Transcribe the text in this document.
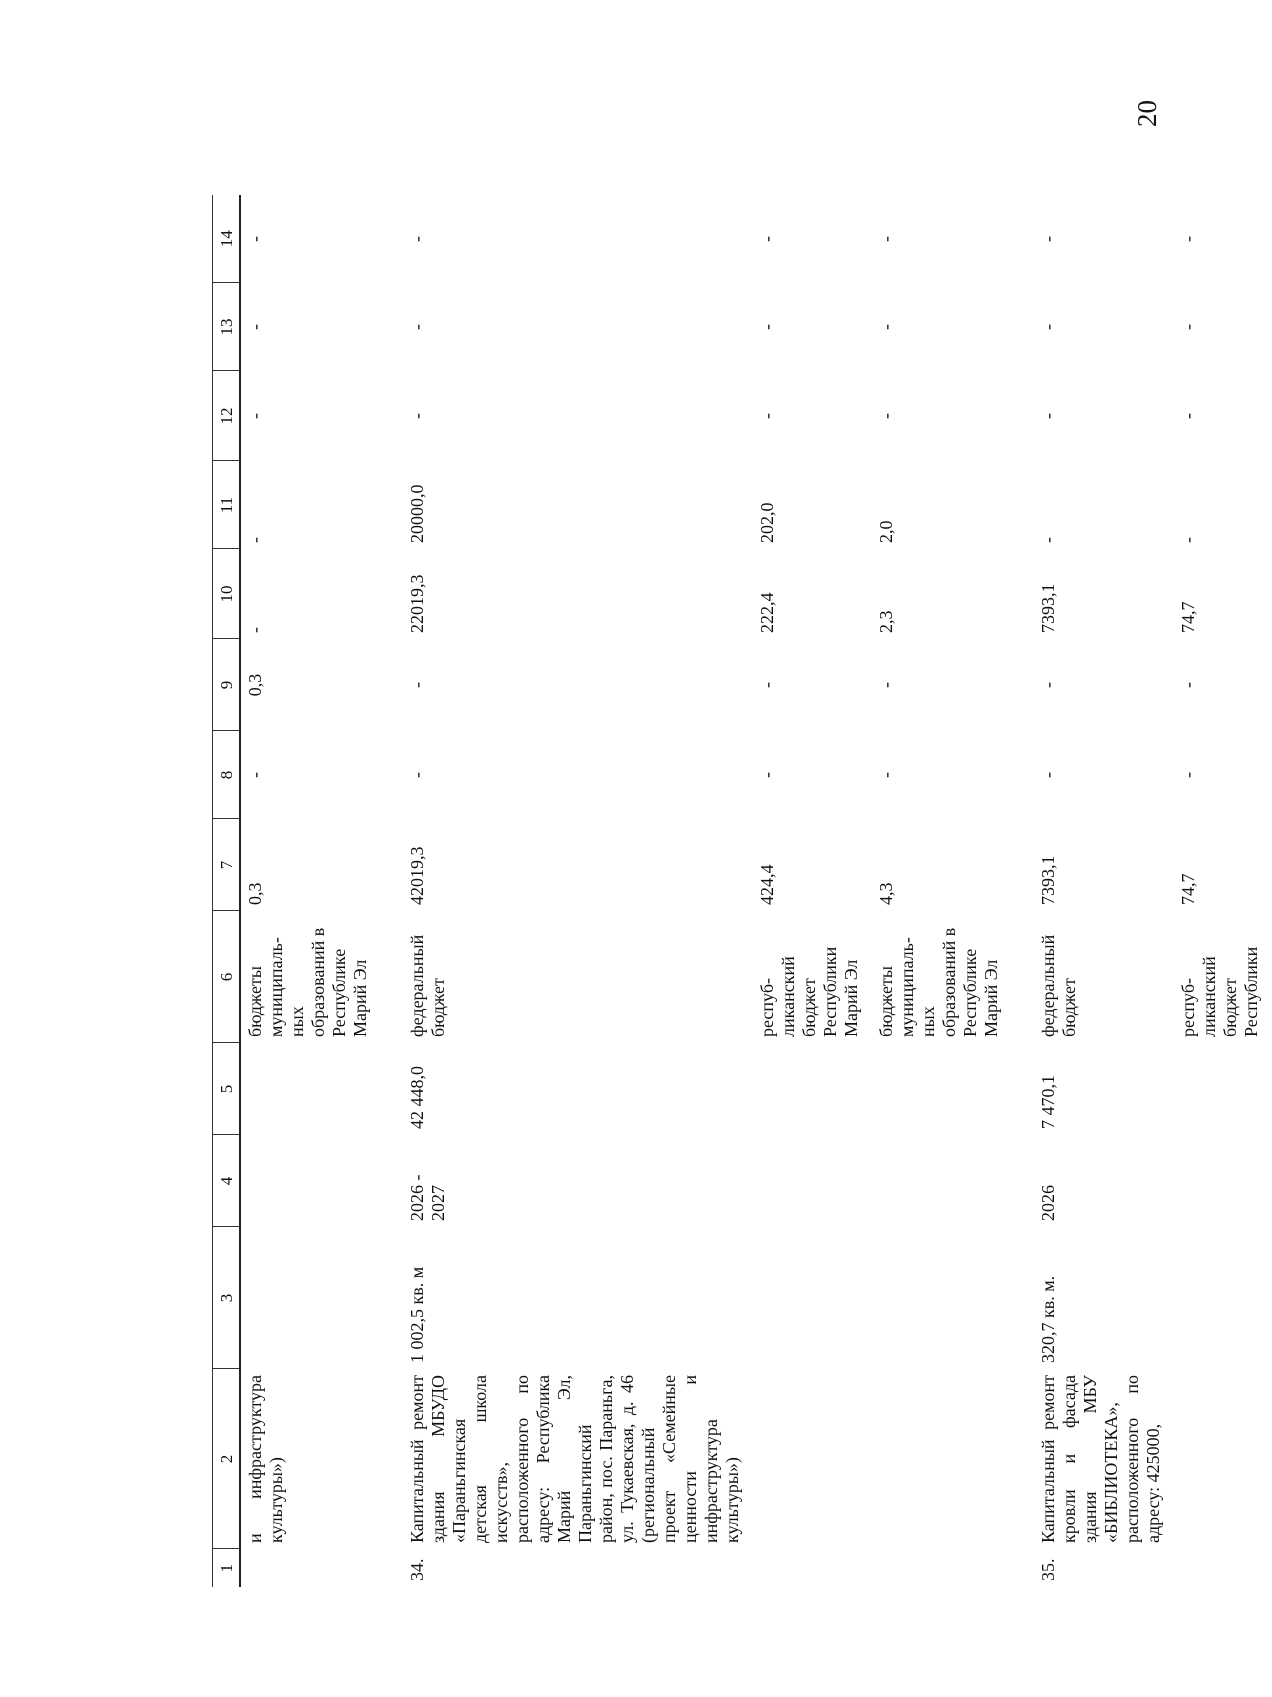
20
1	2	3	4	5	6	7	8	9	10	11	12	13	14
	и инфраструктура культуры»)				бюджеты муниципаль-ных образований в Республике Марий Эл	0,3	-	0,3	-	-	-	-	-

34.	Капитальный ремонт здания МБУДО «Параньгинская детская школа искусств», расположенного по адресу: Республика Марий Эл, Параньгинский район, пос. Параньга, ул. Тукаевская, д. 46 (региональный проект «Семейные ценности и инфраструктура культуры»)	1 002,5 кв. м	2026 - 2027	42 448,0	федеральный бюджет	42019,3	-	-	22019,3	20000,0	-	-	-
					респуб-ликанский бюджет Республики Марий Эл	424,4	-	-	222,4	202,0	-	-	-
					бюджеты муниципаль-ных образований в Республике Марий Эл	4,3	-	-	2,3	2,0	-	-	-

35.	Капитальный ремонт кровли и фасада здания МБУ «БИБЛИОТЕКА», расположенного по адресу: 425000,	320,7 кв. м.	2026	7 470,1	федеральный бюджет	7393,1	-	-	7393,1	-	-	-	-
					респуб-ликанский бюджет Республики	74,7	-	-	74,7	-	-	-	-
